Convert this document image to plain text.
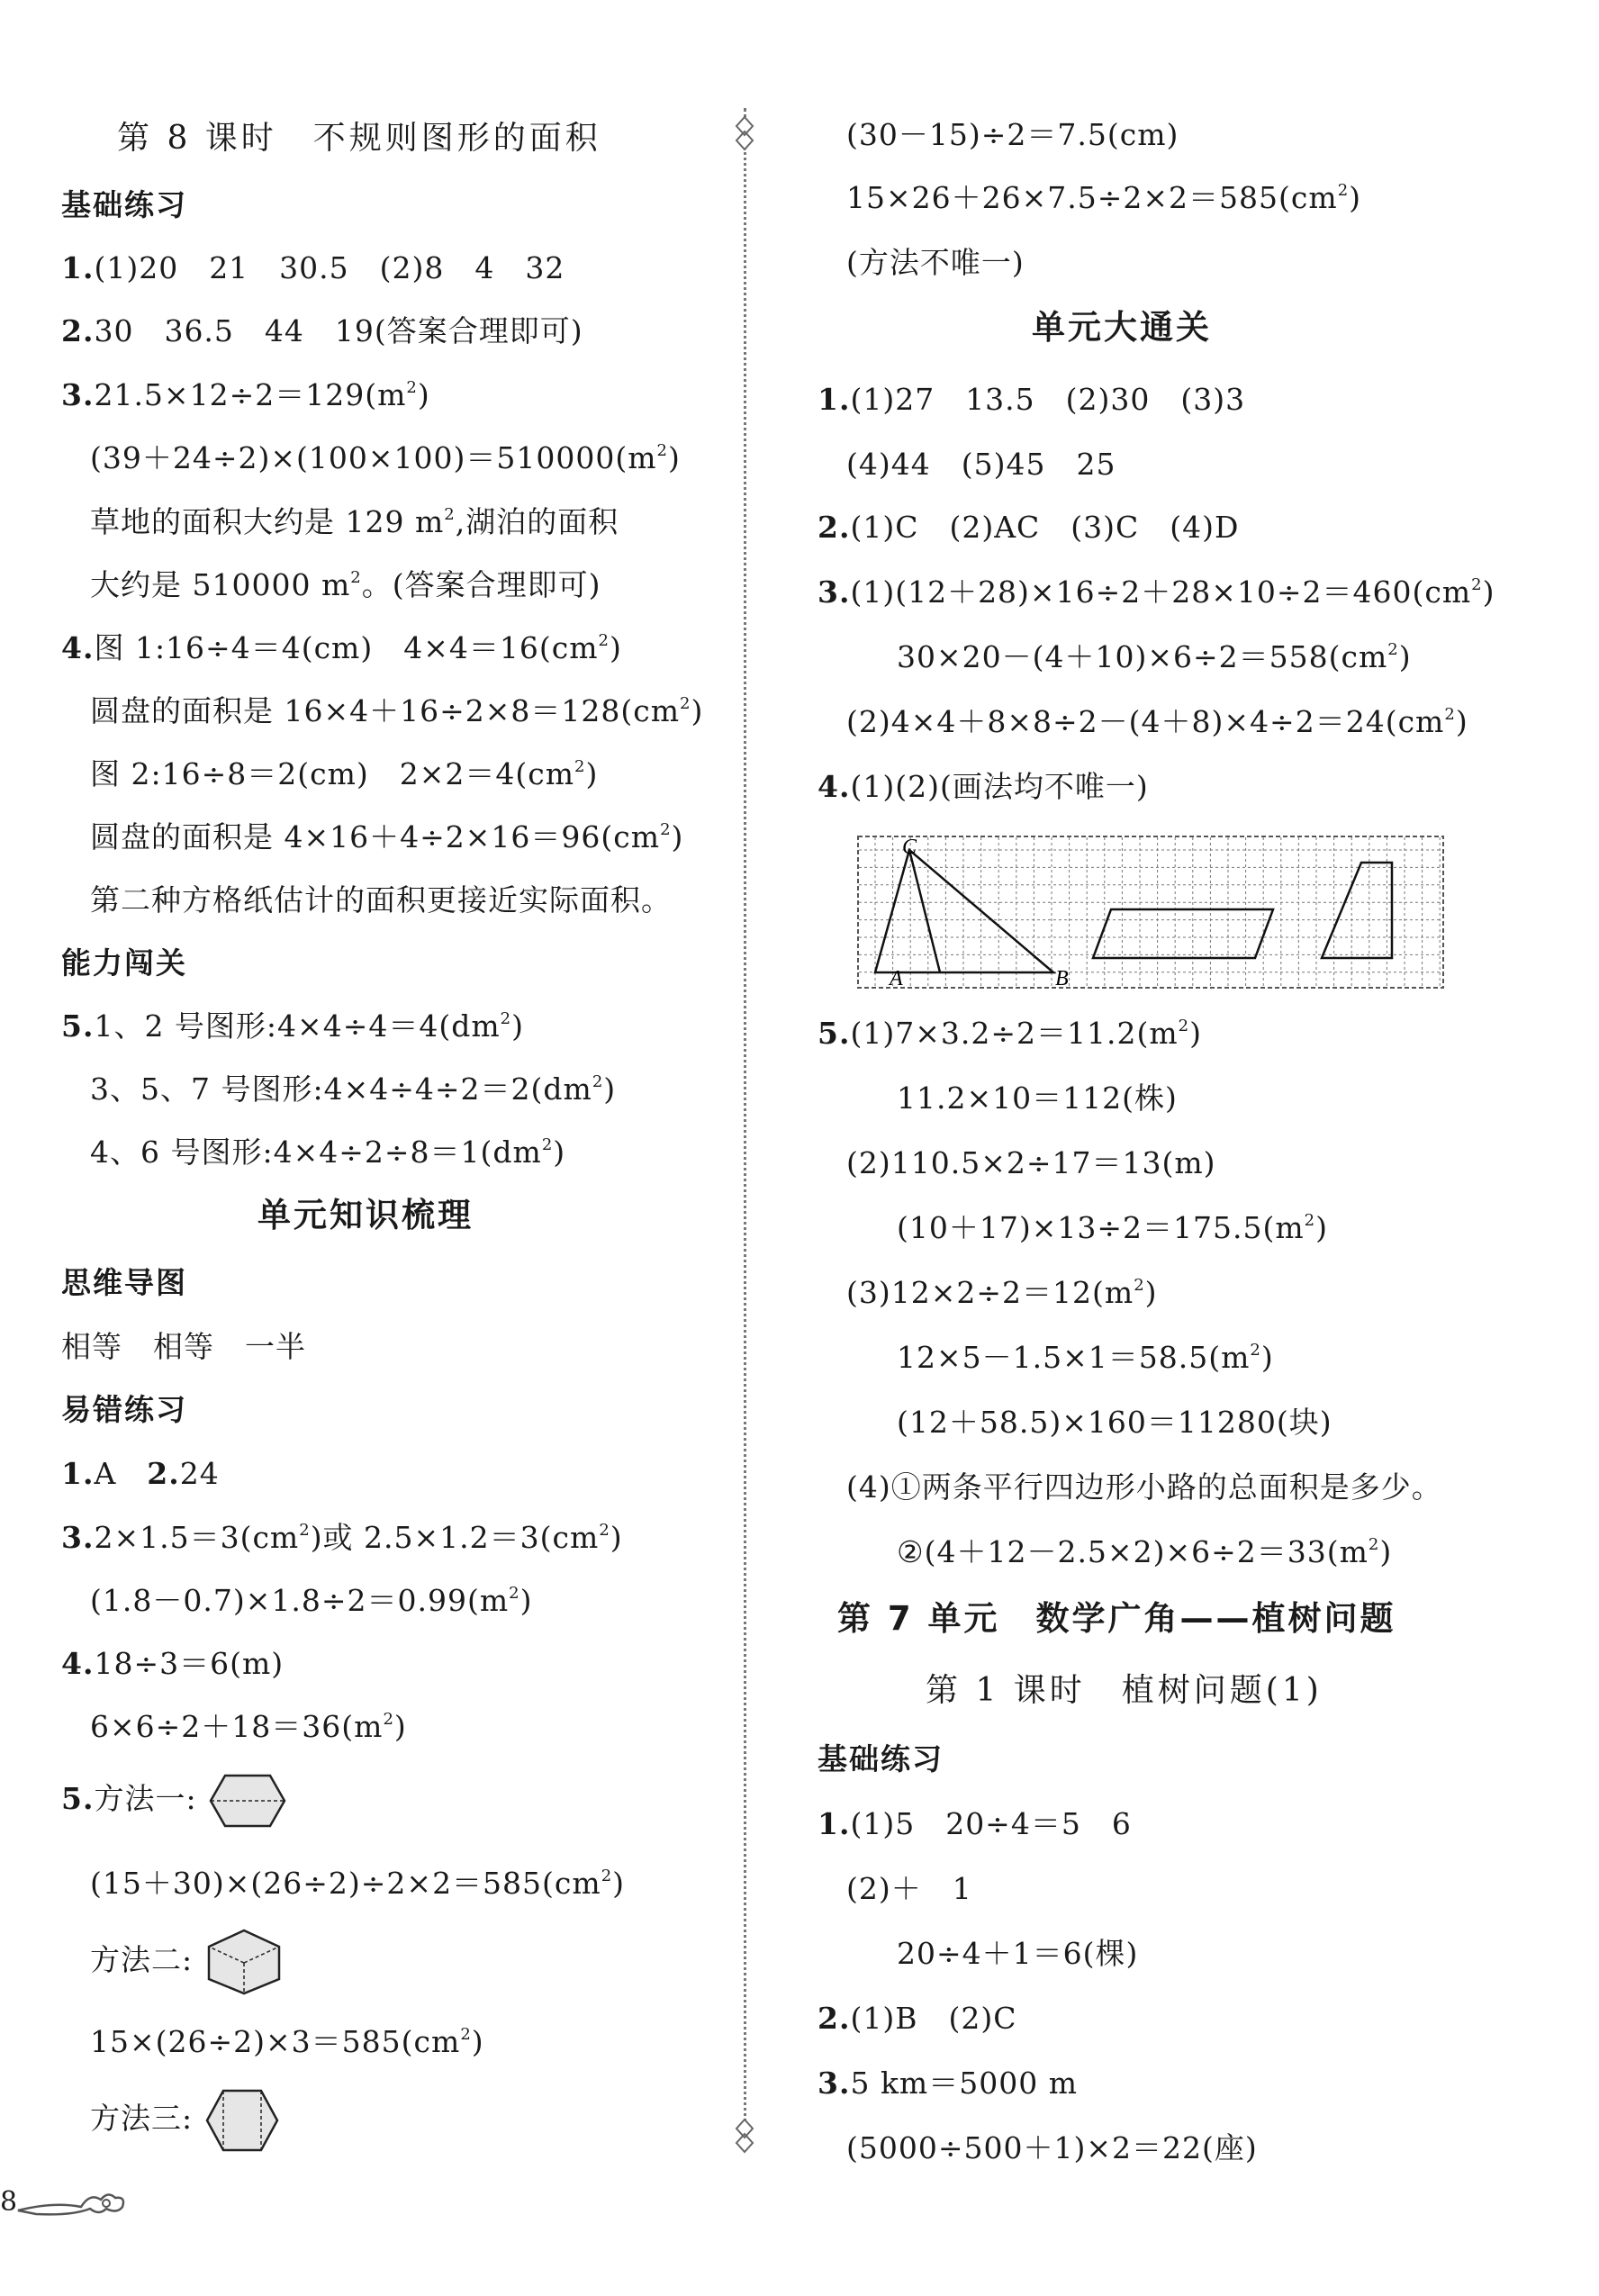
8
第 8 课时　不规则图形的面积
基础练习
1.(1)20　21　30.5　(2)8　4　32
2.30　36.5　44　19(答案合理即可)
$3.21.5\times 12\div 2=129(m^2)$
$(39+24\div 2)\times(100\times 100)=510000(m^2)$
草地的面积大约是 129 $m^2$,湖泊的面积
大约是 510000 $m^2$。(答案合理即可)
4.图 1:16÷4＝4(cm)　$4\times 4=16(cm^2)$
圆盘的面积是 $16\times 4+16\div 2\times 8=128(cm^2)$
图 2:16÷8＝2(cm)　$2\times 2=4(cm^2)$
圆盘的面积是 $4\times 16+4\div 2\times 16=96(cm^2)$
第二种方格纸估计的面积更接近实际面积。
能力闯关
5.1、2 号图形$:4\times 4\div 4=4(dm^2)$
3、5、7 号图形$:4\times 4\div 4\div 2=2(dm^2)$
4、6 号图形$:4\times 4\div 2\div 8=1(dm^2)$
单元知识梳理
思维导图
相等　相等　一半
易错练习
1.A　2.24
$3.2\times 1.5=3(cm^2)$或 $2.5\times 1.2=3(cm^2)$
$(1.8-0.7)\times 1.8\div 2=0.99(m^2)$
4.18÷3＝6(m)
$6\times 6\div 2+18=36(m^2)$
5.方法一:
$(15+30)\times(26\div 2)\div 2\times 2=585(cm^2)$
方法二:
$15\times(26\div 2)\times 3=585(cm^2)$
方法三:
(30－15)÷2＝7.5(cm)
$15\times 26+26\times 7.5\div 2\times 2=585(cm^2)$
(方法不唯一)
单元大通关
1.(1)27　13.5　(2)30　(3)3
(4)44　(5)45　25
2.(1)C　(2)AC　(3)C　(4)D
$3.(1)(12+28)\times 16\div 2+28\times 10\div 2=460(cm^2)$
$30\times 20-(4+10)\times 6\div 2=558(cm^2)$
$(2)4\times 4+8\times 8\div 2-(4+8)\times 4\div 2=24(cm^2)$
4.(1)(2)(画法均不唯一)
$5.(1)7\times 3.2\div 2=11.2(m^2)$
11.2×10＝112(株)
(2)110.5×2÷17＝13(m)
$(10+17)\times 13\div 2=175.5(m^2)$
$(3)12\times 2\div 2=12(m^2)$
$12\times 5-1.5\times 1=58.5(m^2)$
(12＋58.5)×160＝11280(块)
(4)①两条平行四边形小路的总面积是多少。
$②(4+12-2.5\times 2)\times 6\div 2=33(m^2)$
第 7 单元　数学广角——植树问题
第 1 课时　植树问题(1)
基础练习
1.(1)5　20÷4＝5　6
(2)＋　1
20÷4＋1＝6(棵)
2.(1)B　(2)C
3.5 km＝5000 m
(5000÷500＋1)×2＝22(座)
C
A	B
